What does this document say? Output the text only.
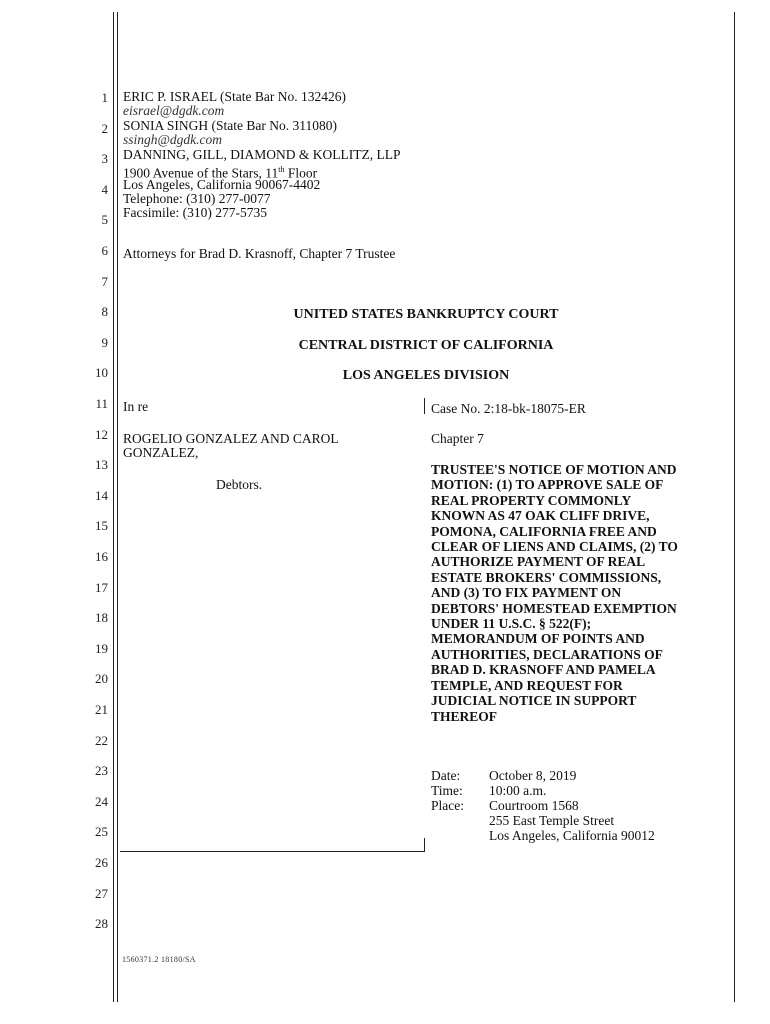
1
2
3
4
5
6
7
8
9
10
11
12
13
14
15
16
17
18
19
20
21
22
23
24
25
26
27
28
ERIC P. ISRAEL (State Bar No. 132426)
eisrael@dgdk.com
SONIA SINGH (State Bar No. 311080)
ssingh@dgdk.com
DANNING, GILL, DIAMOND & KOLLITZ, LLP
1900 Avenue of the Stars, 11th Floor
Los Angeles, California 90067-4402
Telephone: (310) 277-0077
Facsimile: (310) 277-5735
Attorneys for Brad D. Krasnoff, Chapter 7 Trustee
UNITED STATES BANKRUPTCY COURT
CENTRAL DISTRICT OF CALIFORNIA
LOS ANGELES DIVISION
In re
ROGELIO GONZALEZ AND CAROL
GONZALEZ,
Debtors.
Case No. 2:18-bk-18075-ER
Chapter 7
TRUSTEE'S NOTICE OF MOTION AND
MOTION: (1) TO APPROVE SALE OF
REAL PROPERTY COMMONLY
KNOWN AS 47 OAK CLIFF DRIVE,
POMONA, CALIFORNIA FREE AND
CLEAR OF LIENS AND CLAIMS, (2) TO
AUTHORIZE PAYMENT OF REAL
ESTATE BROKERS' COMMISSIONS,
AND (3) TO FIX PAYMENT ON
DEBTORS' HOMESTEAD EXEMPTION
UNDER 11 U.S.C. § 522(F);
MEMORANDUM OF POINTS AND
AUTHORITIES, DECLARATIONS OF
BRAD D. KRASNOFF AND PAMELA
TEMPLE, AND REQUEST FOR
JUDICIAL NOTICE IN SUPPORT
THEREOF
Date:	October 8, 2019
Time:	10:00 a.m.
Place:	Courtroom 1568
255 East Temple Street
Los Angeles, California 90012
1560371.2 18180/SA
